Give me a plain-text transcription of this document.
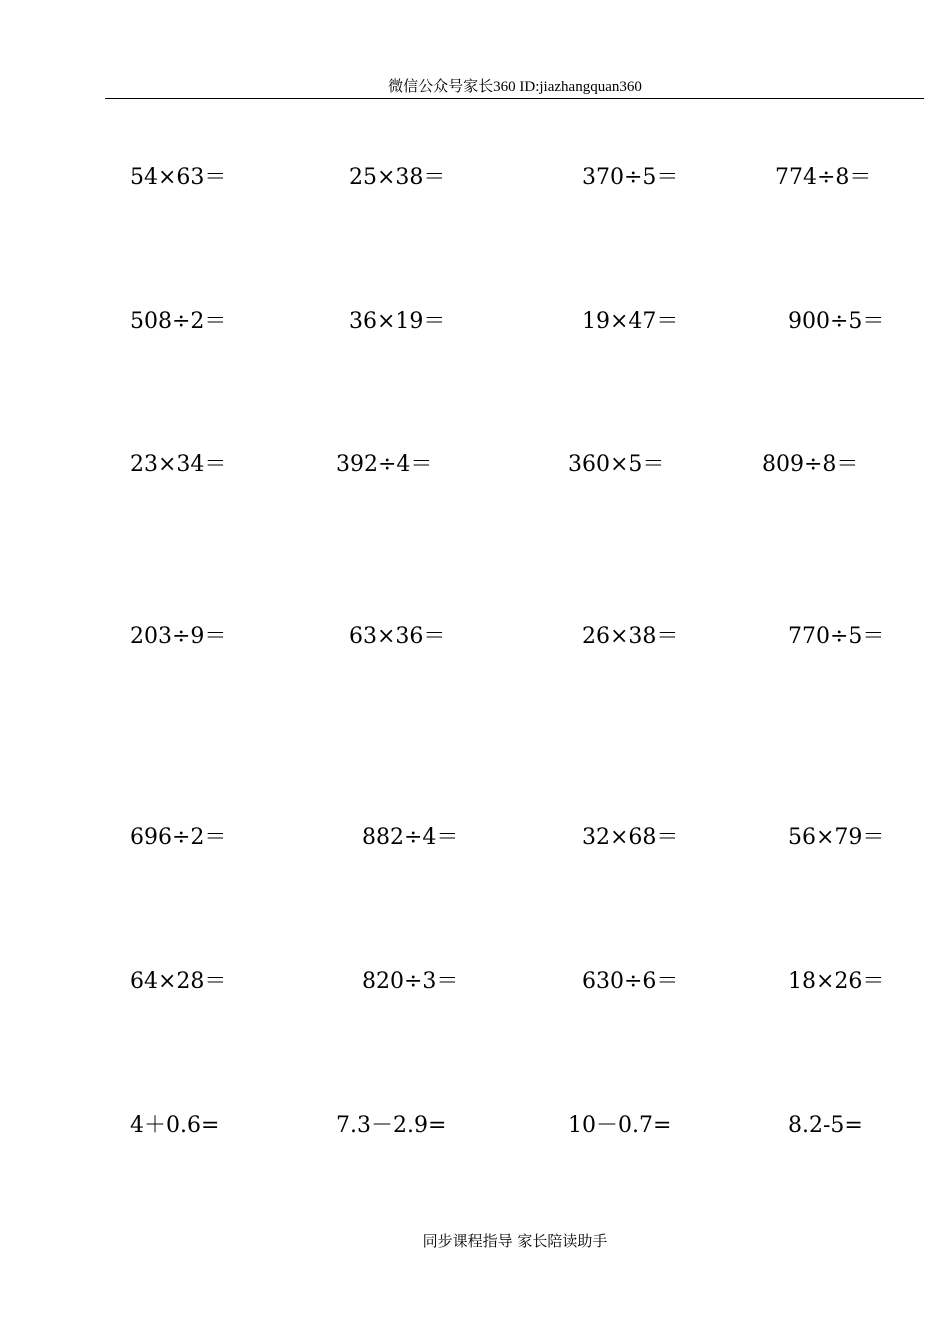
微信公众号家长360 ID:jiazhangquan360
54×63＝	25×38＝	370÷5＝	774÷8＝
508÷2＝	36×19＝	19×47＝	900÷5＝
23×34＝	392÷4＝	360×5＝	809÷8＝
203÷9＝	63×36＝	26×38＝	770÷5＝
696÷2＝	882÷4＝	32×68＝	56×79＝
64×28＝	820÷3＝	630÷6＝	18×26＝
4＋0.6=	7.3－2.9=	10－0.7=	8.2-5=
同步课程指导 家长陪读助手
